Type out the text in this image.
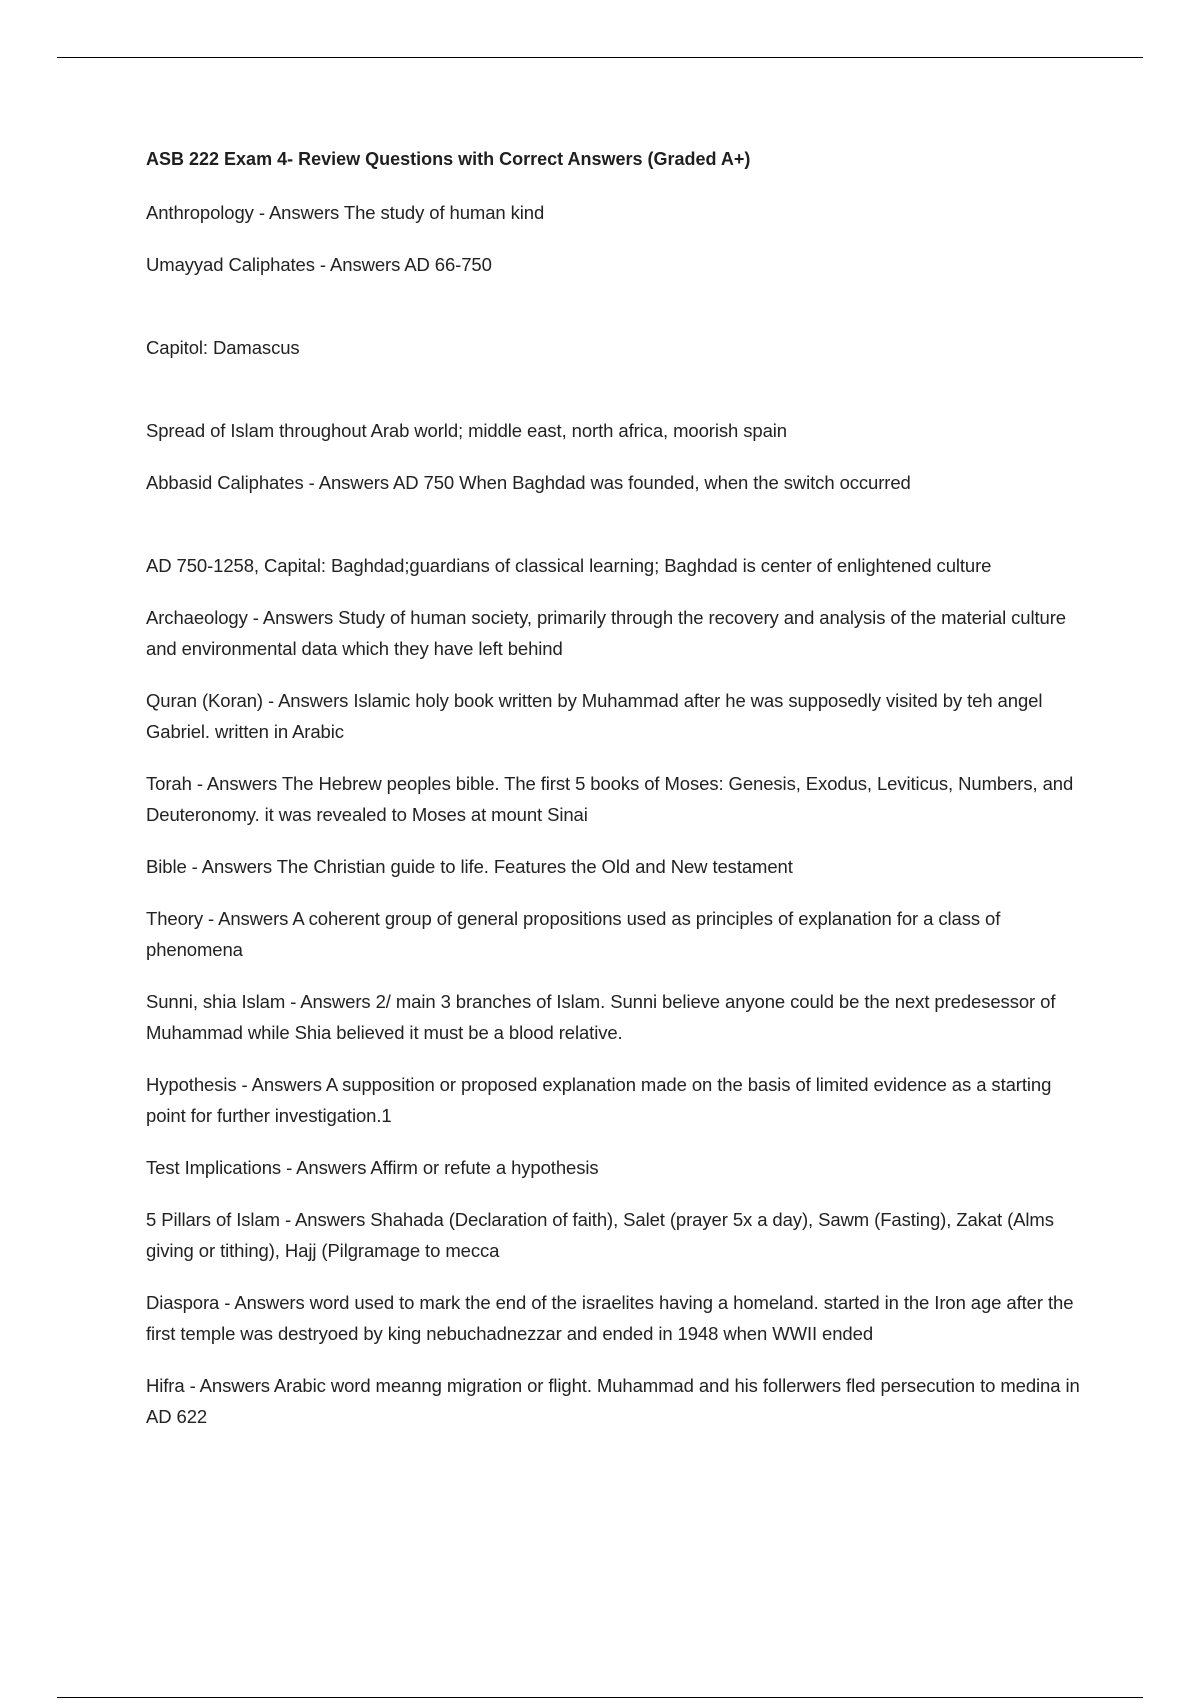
ASB 222 Exam 4- Review Questions with Correct Answers (Graded A+)

Anthropology - Answers The study of human kind

Umayyad Caliphates - Answers AD 66-750

Capitol: Damascus

Spread of Islam throughout Arab world; middle east, north africa, moorish spain

Abbasid Caliphates - Answers AD 750 When Baghdad was founded, when the switch occurred

AD 750-1258, Capital: Baghdad;guardians of classical learning; Baghdad is center of enlightened culture

Archaeology - Answers Study of human society, primarily through the recovery and analysis of the material culture and environmental data which they have left behind

Quran (Koran) - Answers Islamic holy book written by Muhammad after he was supposedly visited by teh angel Gabriel. written in Arabic

Torah - Answers The Hebrew peoples bible. The first 5 books of Moses: Genesis, Exodus, Leviticus, Numbers, and Deuteronomy. it was revealed to Moses at mount Sinai

Bible - Answers The Christian guide to life. Features the Old and New testament

Theory - Answers A coherent group of general propositions used as principles of explanation for a class of phenomena

Sunni, shia Islam - Answers 2/ main 3 branches of Islam. Sunni believe anyone could be the next predesessor of Muhammad while Shia believed it must be a blood relative.

Hypothesis - Answers A supposition or proposed explanation made on the basis of limited evidence as a starting point for further investigation.1

Test Implications - Answers Affirm or refute a hypothesis

5 Pillars of Islam - Answers Shahada (Declaration of faith), Salet (prayer 5x a day), Sawm (Fasting), Zakat (Alms giving or tithing), Hajj (Pilgramage to mecca

Diaspora - Answers word used to mark the end of the israelites having a homeland. started in the Iron age after the first temple was destryoed by king nebuchadnezzar and ended in 1948 when WWII ended

Hifra - Answers Arabic word meanng migration or flight. Muhammad and his follerwers fled persecution to medina in AD 622
